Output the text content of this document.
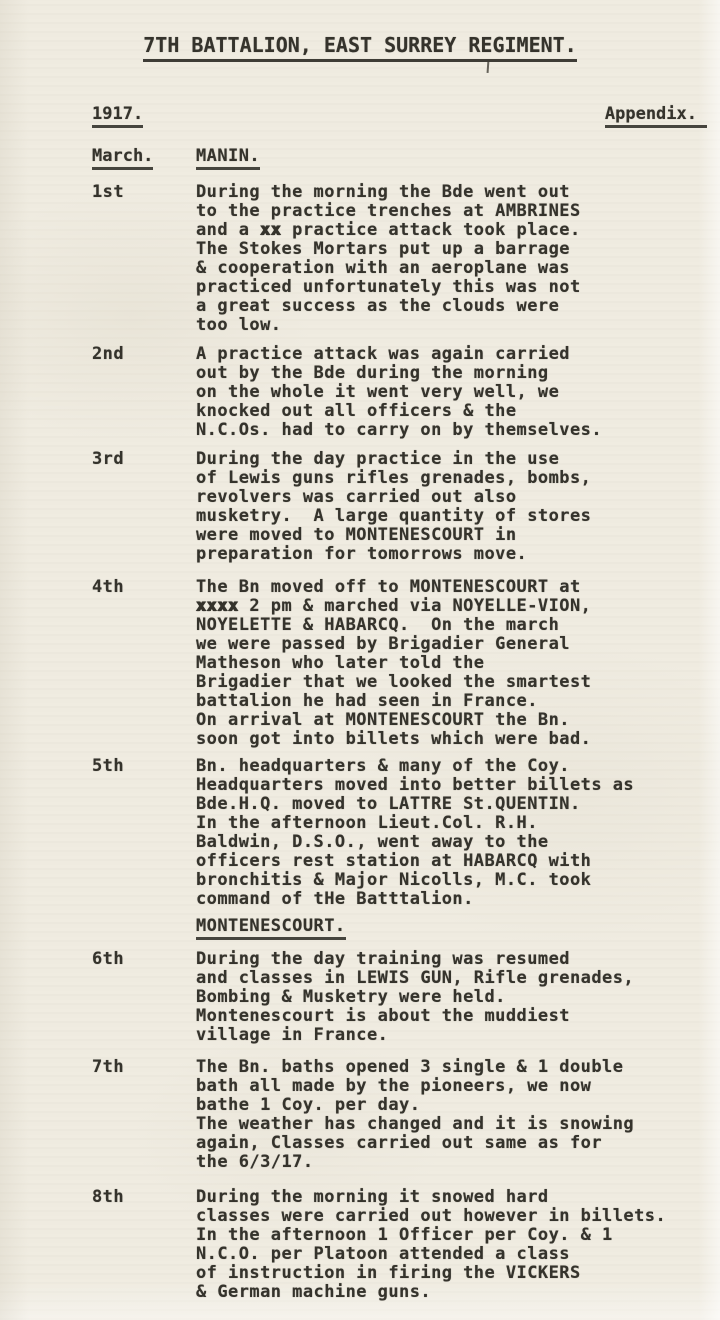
7TH BATTALION, EAST SURREY REGIMENT.
1917.	Appendix.
March.	MANIN.
1st	During the morning the Bde went out
to the practice trenches at AMBRINES
and a xx practice attack took place.
The Stokes Mortars put up a barrage
& cooperation with an aeroplane was
practiced unfortunately this was not
a great success as the clouds were
too low.
2nd	A practice attack was again carried
out by the Bde during the morning
on the whole it went very well, we
knocked out all officers & the
N.C.Os. had to carry on by themselves.
3rd	During the day practice in the use
of Lewis guns rifles grenades, bombs,
revolvers was carried out also
musketry.  A large quantity of stores
were moved to MONTENESCOURT in
preparation for tomorrows move.
4th	The Bn moved off to MONTENESCOURT at
xxxx 2 pm & marched via NOYELLE-VION,
NOYELETTE & HABARCQ.  On the march
we were passed by Brigadier General
Matheson who later told the
Brigadier that we looked the smartest
battalion he had seen in France.
On arrival at MONTENESCOURT the Bn.
soon got into billets which were bad.
5th	Bn. headquarters & many of the Coy.
Headquarters moved into better billets as
Bde.H.Q. moved to LATTRE St.QUENTIN.
In the afternoon Lieut.Col. R.H.
Baldwin, D.S.O., went away to the
officers rest station at HABARCQ with
bronchitis & Major Nicolls, M.C. took
command of tHe Batttalion.
MONTENESCOURT.
6th	During the day training was resumed
and classes in LEWIS GUN, Rifle grenades,
Bombing & Musketry were held.
Montenescourt is about the muddiest
village in France.
7th	The Bn. baths opened 3 single & 1 double
bath all made by the pioneers, we now
bathe 1 Coy. per day.
The weather has changed and it is snowing
again, Classes carried out same as for
the 6/3/17.
8th	During the morning it snowed hard
classes were carried out however in billets.
In the afternoon 1 Officer per Coy. & 1
N.C.O. per Platoon attended a class
of instruction in firing the VICKERS
& German machine guns.
